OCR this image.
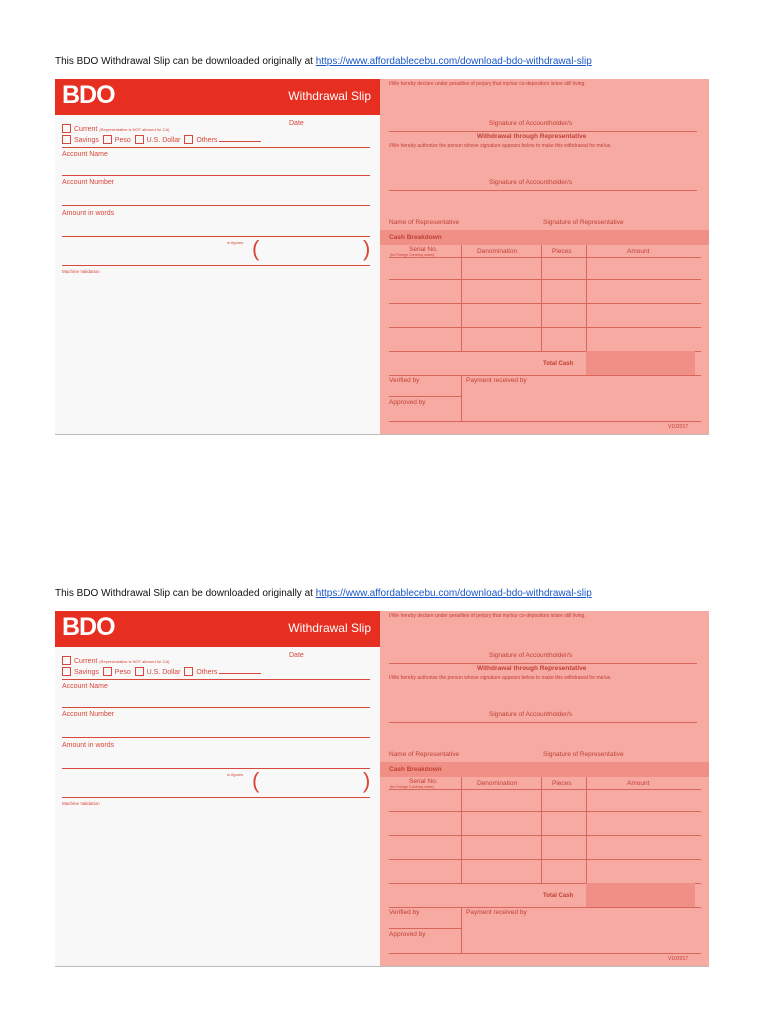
This BDO Withdrawal Slip can be downloaded originally at https://www.affordablecebu.com/download-bdo-withdrawal-slip
BDO	Withdrawal Slip
Date
Current (Representative is NOT allowed for CA)
Savings Peso U.S. Dollar Others
Account Name
Account Number
Amount in words
in figures (	)
Machine Validation
I/We hereby declare under penalties of perjury that my/our co-depositors is/are still living.
Signature of Accountholder/s
Withdrawal through Representative
I/We hereby authorize the person whose signature appears below to make this withdrawal for me/us.
Signature of Accountholder/s
Name of Representative	Signature of Representative
Cash Breakdown
Serial No.
(for Foreign Currency notes)	Denomination	Pieces	Amount
Total Cash
Verified by	Payment received by
Approved by
V102017
This BDO Withdrawal Slip can be downloaded originally at https://www.affordablecebu.com/download-bdo-withdrawal-slip
BDO	Withdrawal Slip
Date
Current (Representative is NOT allowed for CA)
Savings Peso U.S. Dollar Others
Account Name
Account Number
Amount in words
in figures (	)
Machine Validation
I/We hereby declare under penalties of perjury that my/our co-depositors is/are still living.
Signature of Accountholder/s
Withdrawal through Representative
I/We hereby authorize the person whose signature appears below to make this withdrawal for me/us.
Signature of Accountholder/s
Name of Representative	Signature of Representative
Cash Breakdown
Serial No.
(for Foreign Currency notes)	Denomination	Pieces	Amount
Total Cash
Verified by	Payment received by
Approved by
V102017
